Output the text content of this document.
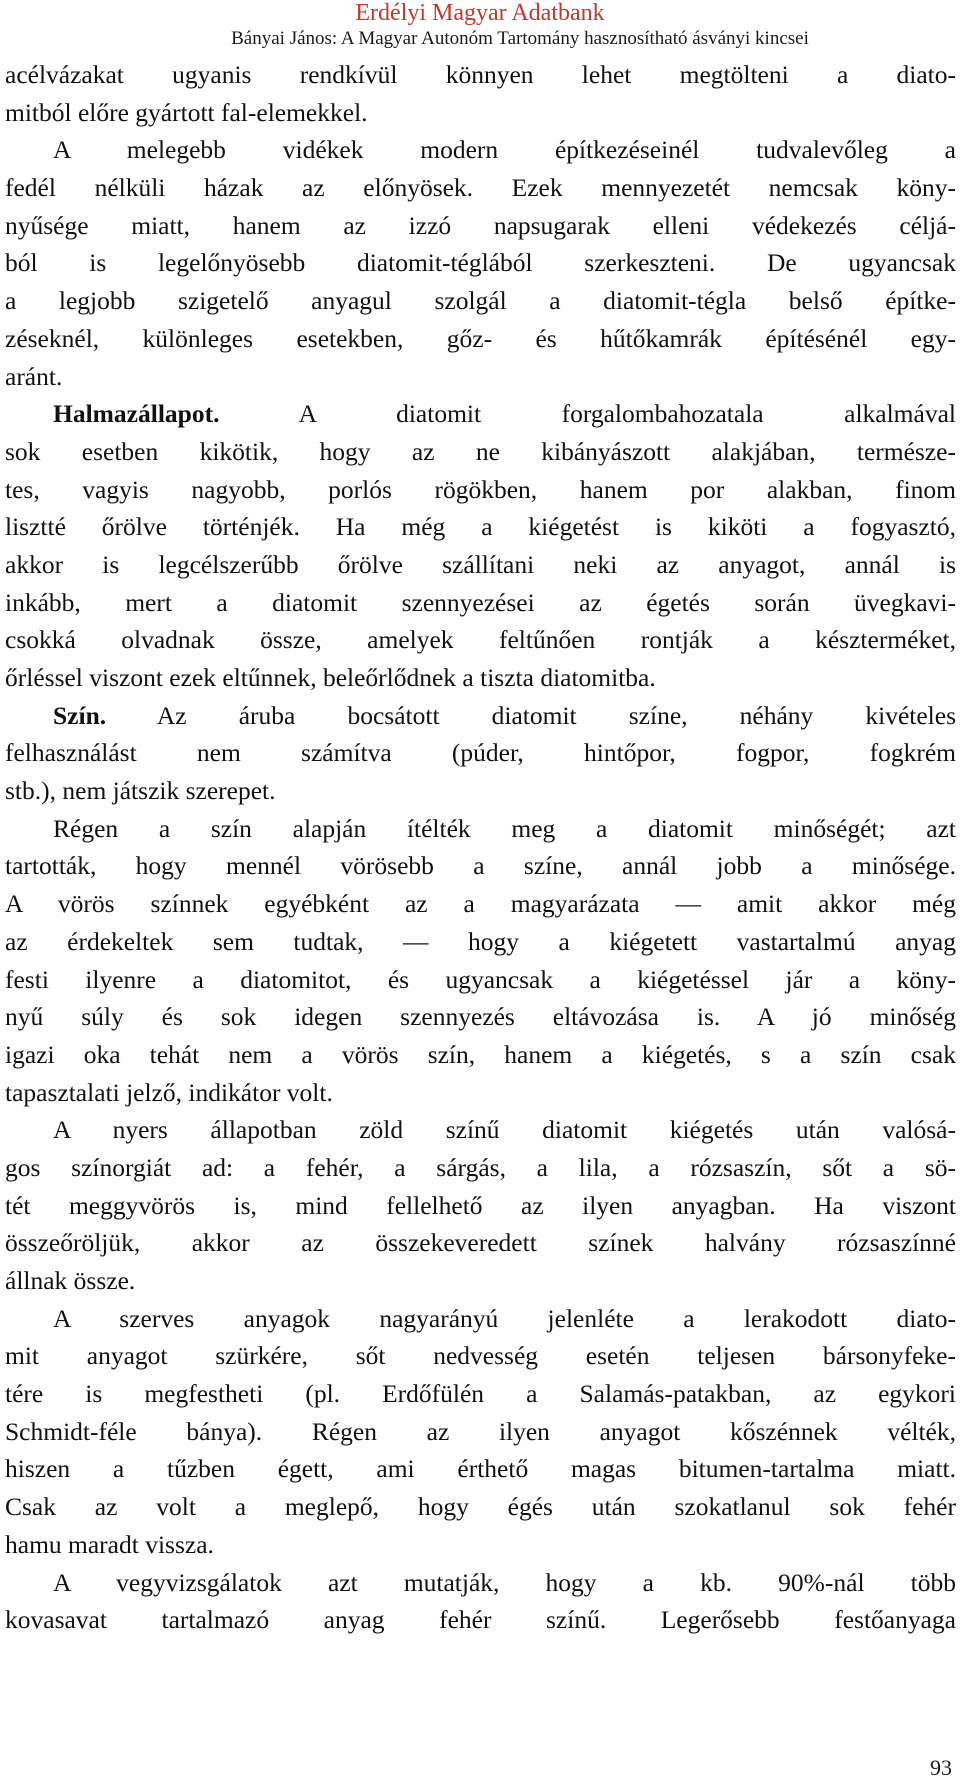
Erdélyi Magyar Adatbank
Bányai János: A Magyar Autonóm Tartomány hasznosítható ásványi kincsei
acélvázakat ugyanis rendkívül könnyen lehet megtölteni a diato-
mitból előre gyártott fal-elemekkel.
A melegebb vidékek modern építkezéseinél tudvalevőleg a
fedél nélküli házak az előnyösek. Ezek mennyezetét nemcsak köny-
nyűsége miatt, hanem az izzó napsugarak elleni védekezés céljá-
ból is legelőnyösebb diatomit-téglából szerkeszteni. De ugyancsak
a legjobb szigetelő anyagul szolgál a diatomit-tégla belső építke-
zéseknél, különleges esetekben, gőz- és hűtőkamrák építésénél egy-
aránt.
Halmazállapot.	A diatomit forgalombahozatala alkalmával
sok esetben kikötik, hogy az ne kibányászott alakjában, természe-
tes, vagyis nagyobb, porlós rögökben, hanem por alakban, finom
lisztté őrölve történjék. Ha még a kiégetést is kiköti a fogyasztó,
akkor is legcélszerűbb őrölve szállítani neki az anyagot, annál is
inkább, mert a diatomit szennyezései az égetés során üvegkavi-
csokká olvadnak össze, amelyek feltűnően rontják a készterméket,
őrléssel viszont ezek eltűnnek, beleőrlődnek a tiszta diatomitba.
Szín. Az áruba bocsátott diatomit színe, néhány kivételes
felhasználást nem számítva (púder, hintőpor, fogpor, fogkrém
stb.), nem játszik szerepet.
Régen a szín alapján ítélték meg a diatomit minőségét; azt
tartották, hogy mennél vörösebb a színe, annál jobb a minősége.
A vörös színnek egyébként az a magyarázata — amit akkor még
az érdekeltek sem tudtak, — hogy a kiégetett vastartalmú anyag
festi ilyenre a diatomitot, és ugyancsak a kiégetéssel jár a köny-
nyű súly és sok idegen szennyezés eltávozása is. A jó minőség
igazi oka tehát nem a vörös szín, hanem a kiégetés, s a szín csak
tapasztalati jelző, indikátor volt.
A nyers állapotban zöld színű diatomit kiégetés után valósá-
gos színorgiát ad: a fehér, a sárgás, a lila, a rózsaszín, sőt a sö-
tét meggyvörös is, mind fellelhető az ilyen anyagban. Ha viszont
összeőröljük, akkor az összekeveredett színek halvány rózsaszínné
állnak össze.
A szerves anyagok nagyarányú jelenléte a lerakodott diato-
mit anyagot szürkére, sőt nedvesség esetén teljesen bársonyfeke-
tére is megfestheti (pl. Erdőfülén a Salamás-patakban, az egykori
Schmidt-féle bánya). Régen az ilyen anyagot kőszénnek vélték,
hiszen a tűzben égett, ami érthető magas bitumen-tartalma miatt.
Csak az volt a meglepő, hogy égés után szokatlanul sok fehér
hamu maradt vissza.
A vegyvizsgálatok azt mutatják, hogy a kb. 90%-nál több
kovasavat tartalmazó anyag fehér színű. Legerősebb festőanyaga
93
